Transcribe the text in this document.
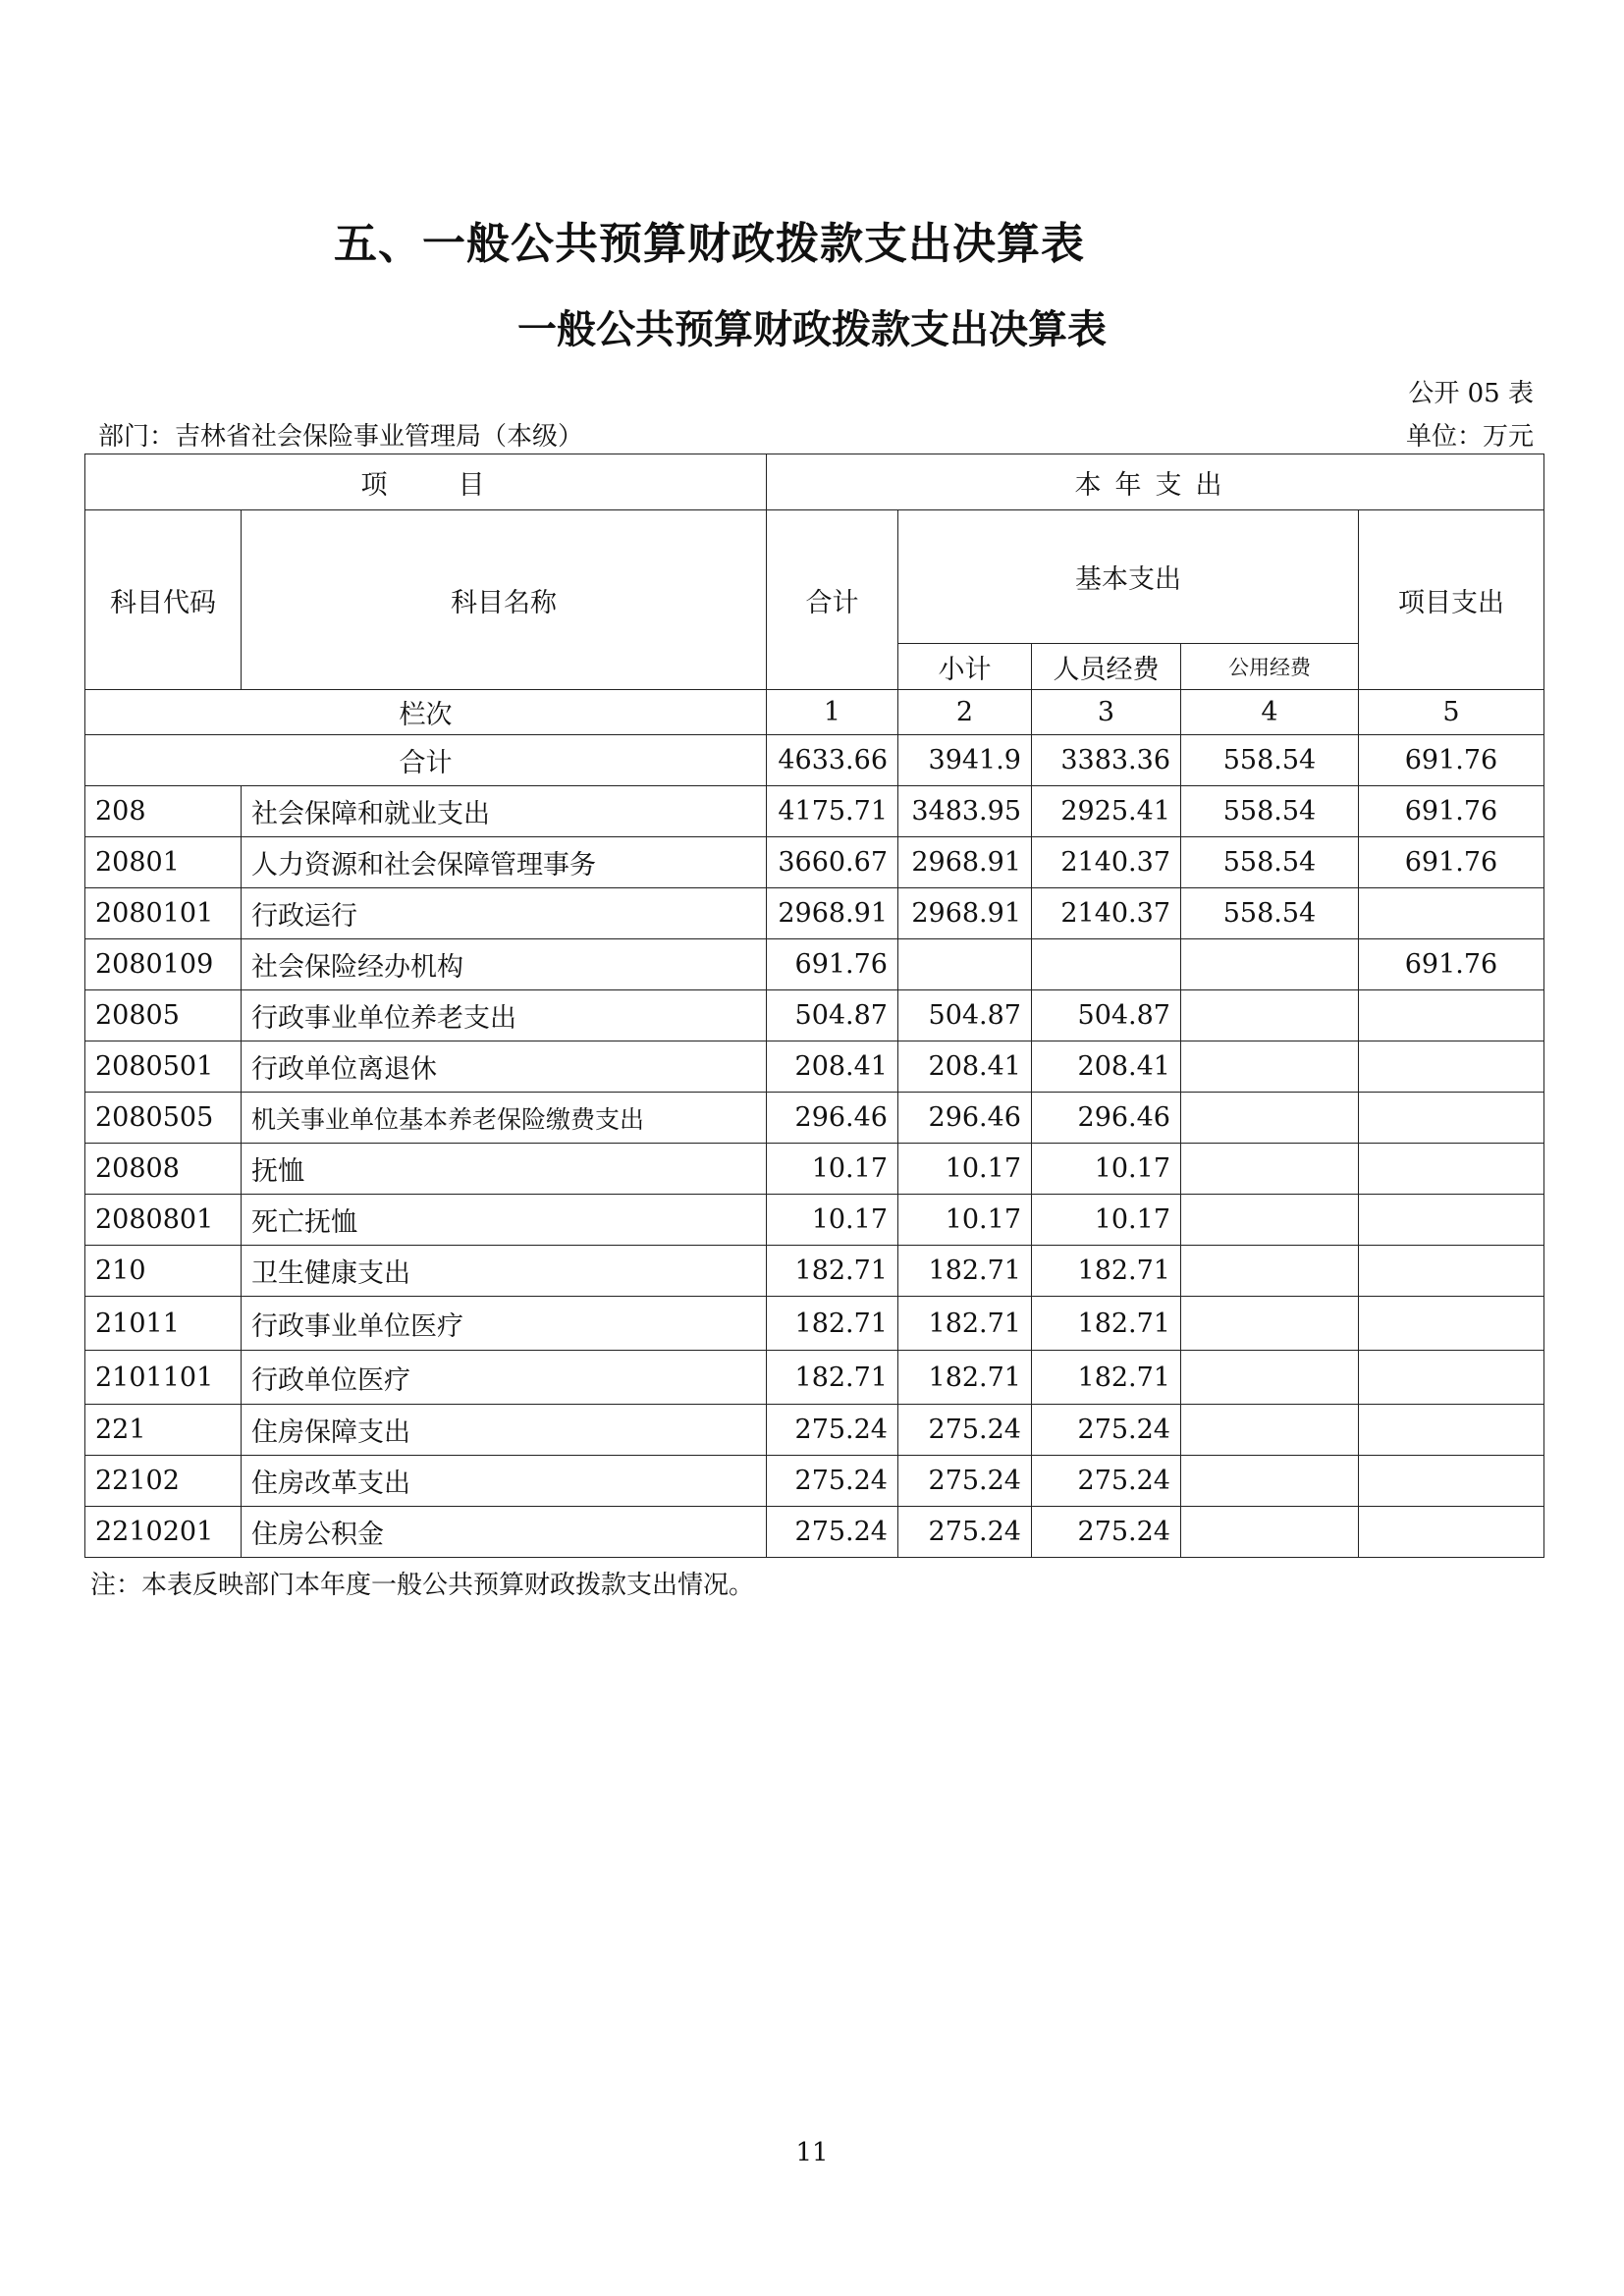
五、一般公共预算财政拨款支出决算表
一般公共预算财政拨款支出决算表
公开 05 表
部门：吉林省社会保险事业管理局（本级）	单位：万元
项　　目		本年支出				
科目代码	科目名称	合计	基本支出			项目支出
			小计	人员经费	公用经费	
栏次		1	2	3	4	5
合计		4633.66	3941.9	3383.36	558.54	691.76
208	社会保障和就业支出	4175.71	3483.95	2925.41	558.54	691.76
20801	人力资源和社会保障管理事务	3660.67	2968.91	2140.37	558.54	691.76
2080101	行政运行	2968.91	2968.91	2140.37	558.54	
2080109	社会保险经办机构	691.76				691.76
20805	行政事业单位养老支出	504.87	504.87	504.87		
2080501	行政单位离退休	208.41	208.41	208.41		
2080505	机关事业单位基本养老保险缴费支出	296.46	296.46	296.46		
20808	抚恤	10.17	10.17	10.17		
2080801	死亡抚恤	10.17	10.17	10.17		
210	卫生健康支出	182.71	182.71	182.71		
21011	行政事业单位医疗	182.71	182.71	182.71		
2101101	行政单位医疗	182.71	182.71	182.71		
221	住房保障支出	275.24	275.24	275.24		
22102	住房改革支出	275.24	275.24	275.24		
2210201	住房公积金	275.24	275.24	275.24		
注：本表反映部门本年度一般公共预算财政拨款支出情况。
11
